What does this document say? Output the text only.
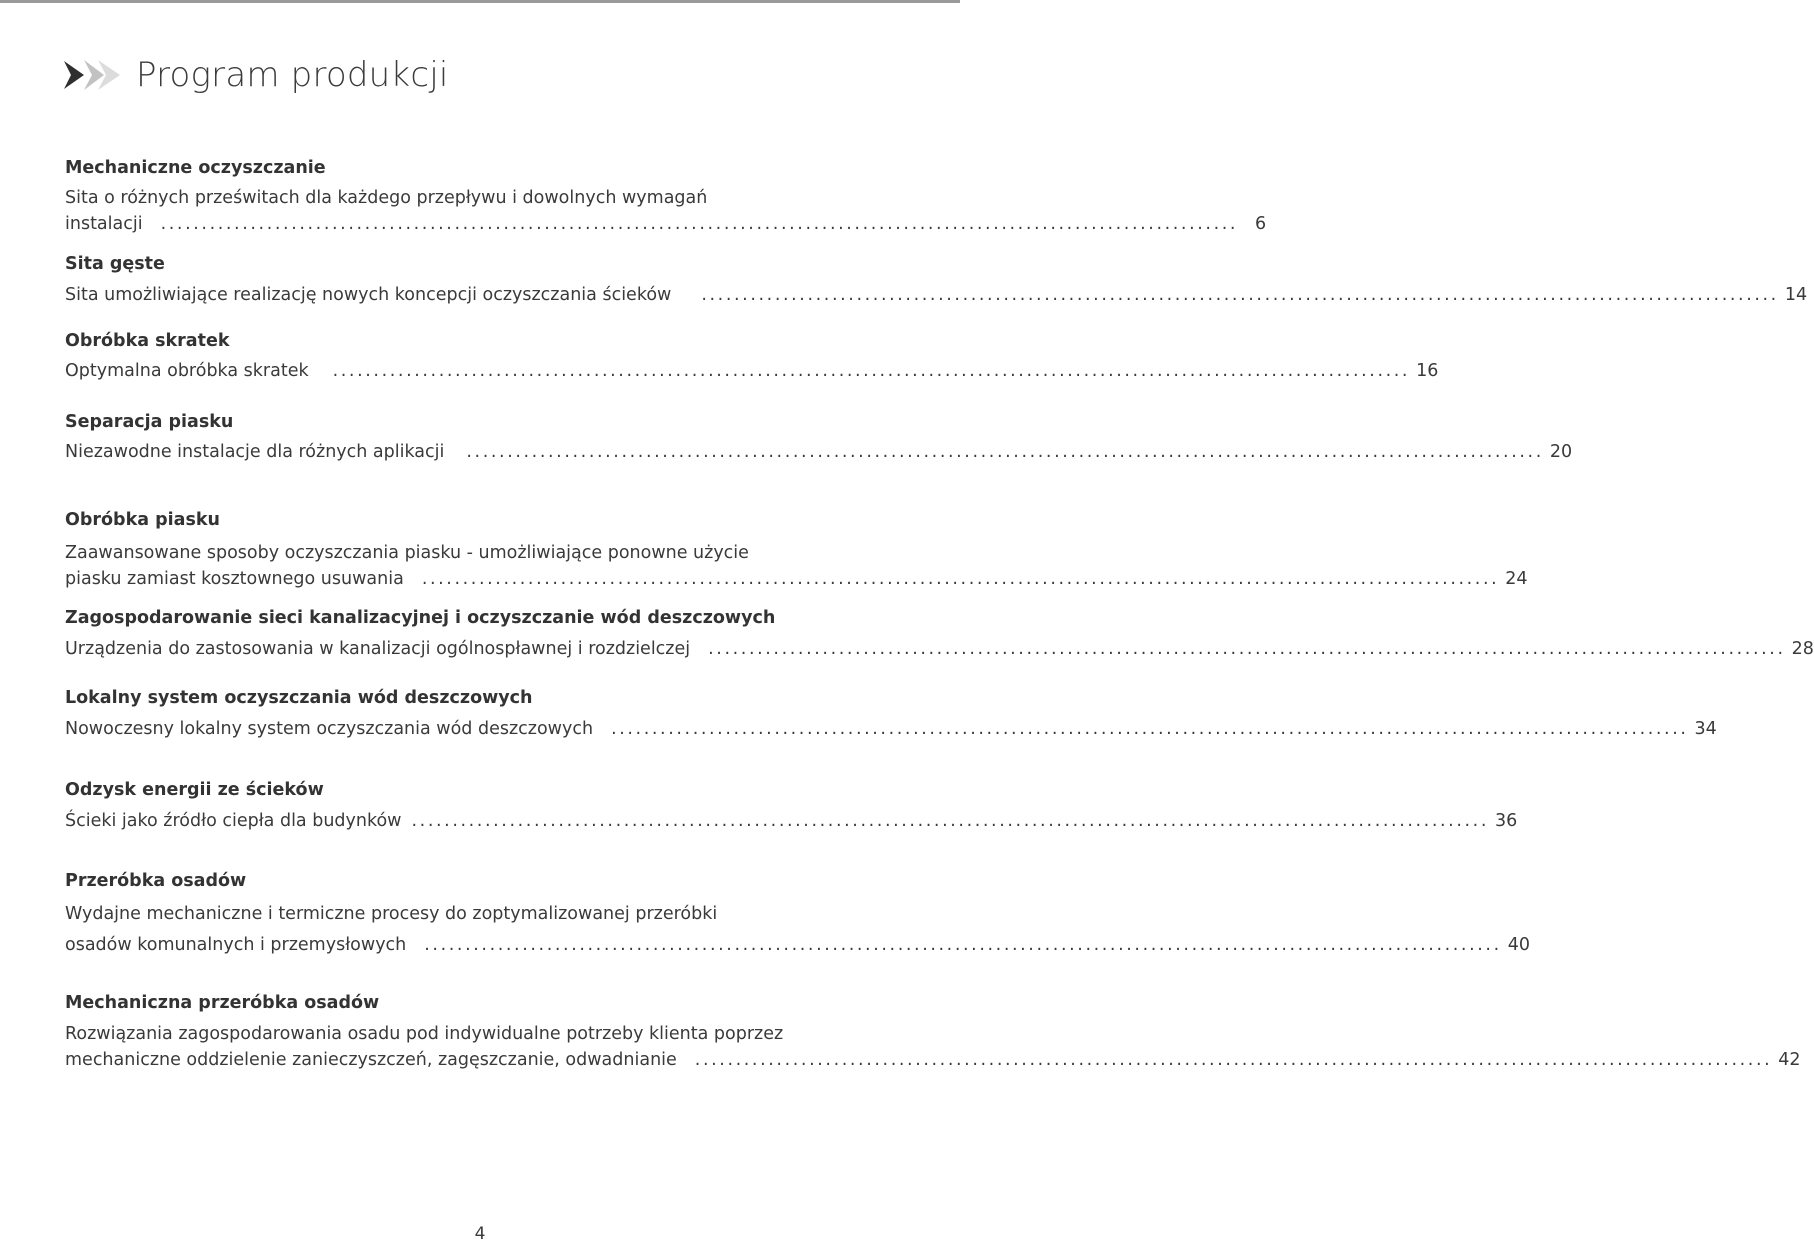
Program produkcji
Mechaniczne oczyszczanie
Sita o różnych prześwitach dla każdego przepływu i dowolnych wymagań
instalacji .................................................................................................................................... 6
Sita gęste
Sita umożliwiające realizację nowych koncepcji oczyszczania ścieków .................................................................................................................................... 14
Obróbka skratek
Optymalna obróbka skratek .................................................................................................................................... 16
Separacja piasku
Niezawodne instalacje dla różnych aplikacji .................................................................................................................................... 20
Obróbka piasku
Zaawansowane sposoby oczyszczania piasku - umożliwiające ponowne użycie
piasku zamiast kosztownego usuwania .................................................................................................................................... 24
Zagospodarowanie sieci kanalizacyjnej i oczyszczanie wód deszczowych
Urządzenia do zastosowania w kanalizacji ogólnospławnej i rozdzielczej .................................................................................................................................... 28
Lokalny system oczyszczania wód deszczowych
Nowoczesny lokalny system oczyszczania wód deszczowych .................................................................................................................................... 34
Odzysk energii ze ścieków
Ścieki jako źródło ciepła dla budynków .................................................................................................................................... 36
Przeróbka osadów
Wydajne mechaniczne i termiczne procesy do zoptymalizowanej przeróbki
osadów komunalnych i przemysłowych .................................................................................................................................... 40
Mechaniczna przeróbka osadów
Rozwiązania zagospodarowania osadu pod indywidualne potrzeby klienta poprzez
mechaniczne oddzielenie zanieczyszczeń, zagęszczanie, odwadnianie .................................................................................................................................... 42
4
